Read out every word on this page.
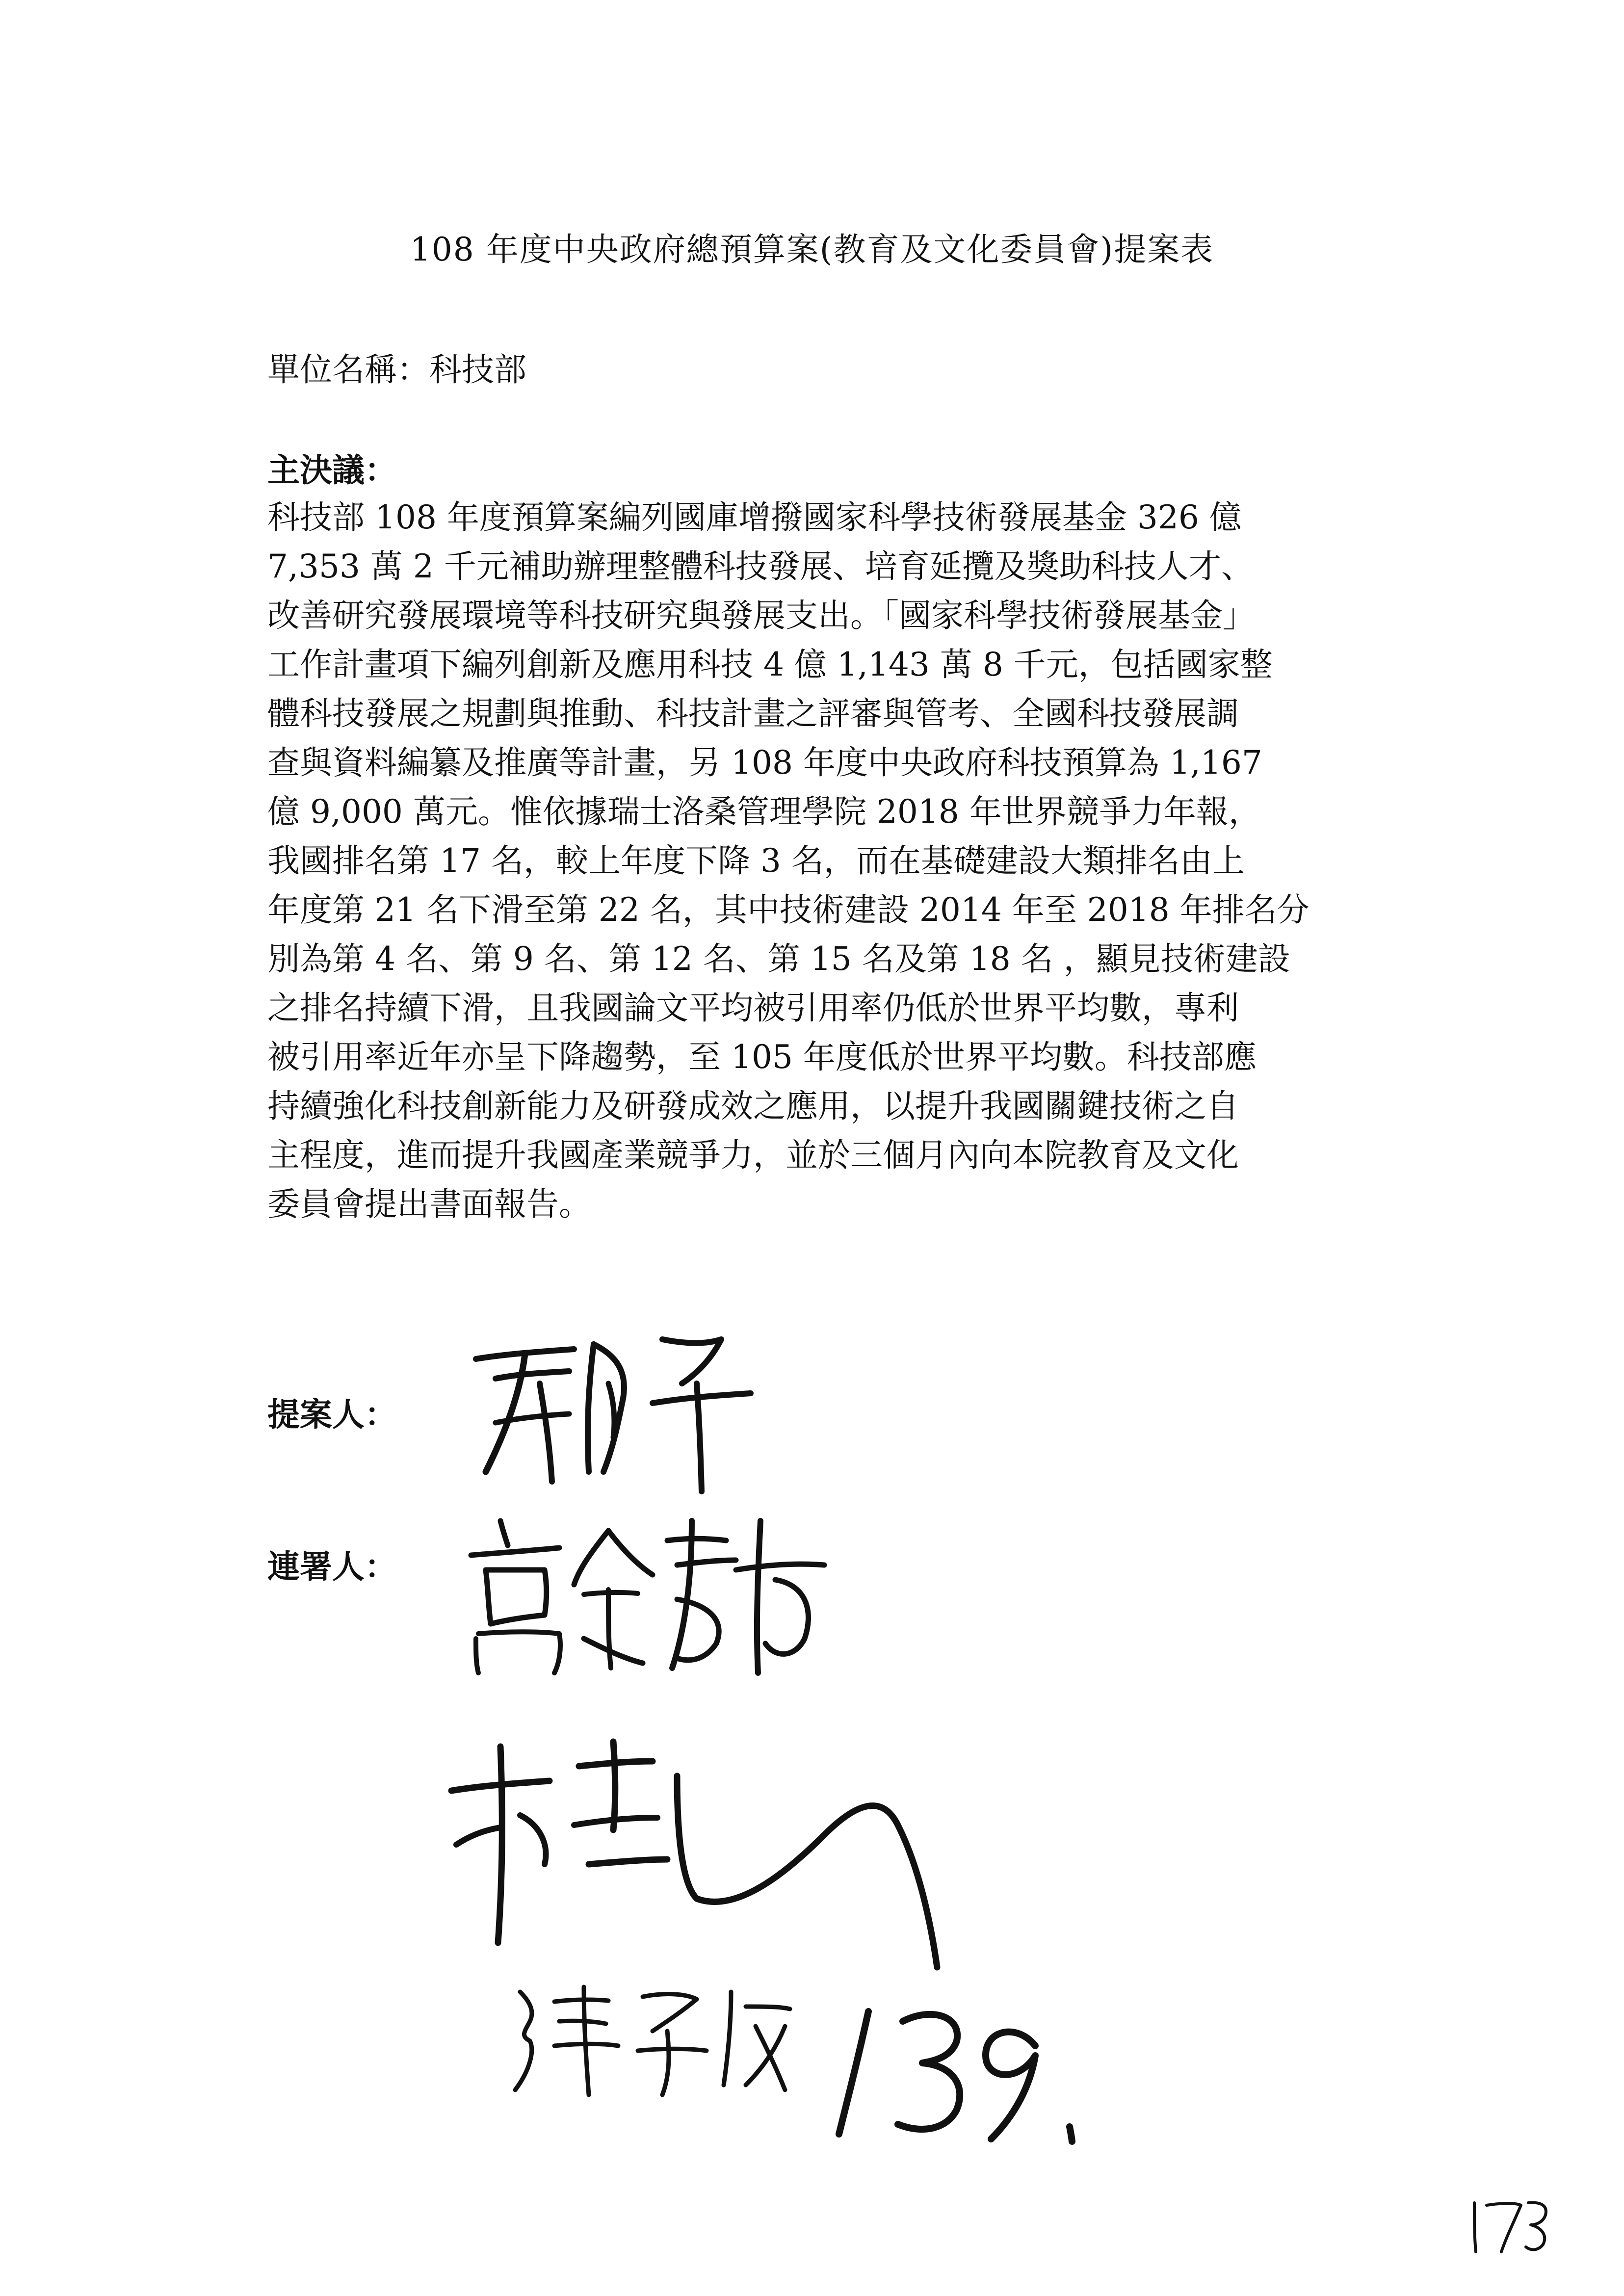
108 年度中央政府總預算案(教育及文化委員會)提案表
單位名稱：科技部
主決議：
科技部 108 年度預算案編列國庫增撥國家科學技術發展基金 326 億
7,353 萬 2 千元補助辦理整體科技發展、培育延攬及獎助科技人才、
改善研究發展環境等科技研究與發展支出。「國家科學技術發展基金」
工作計畫項下編列創新及應用科技 4 億 1,143 萬 8 千元，包括國家整
體科技發展之規劃與推動、科技計畫之評審與管考、全國科技發展調
查與資料編纂及推廣等計畫，另 108 年度中央政府科技預算為 1,167
億 9,000 萬元。惟依據瑞士洛桑管理學院 2018 年世界競爭力年報，
我國排名第 17 名，較上年度下降 3 名，而在基礎建設大類排名由上
年度第 21 名下滑至第 22 名，其中技術建設 2014 年至 2018 年排名分
別為第 4 名、第 9 名、第 12 名、第 15 名及第 18 名 ，顯見技術建設
之排名持續下滑，且我國論文平均被引用率仍低於世界平均數，專利
被引用率近年亦呈下降趨勢，至 105 年度低於世界平均數。科技部應
持續強化科技創新能力及研發成效之應用，以提升我國關鍵技術之自
主程度，進而提升我國產業競爭力，並於三個月內向本院教育及文化
委員會提出書面報告。
提案人：
連署人：
